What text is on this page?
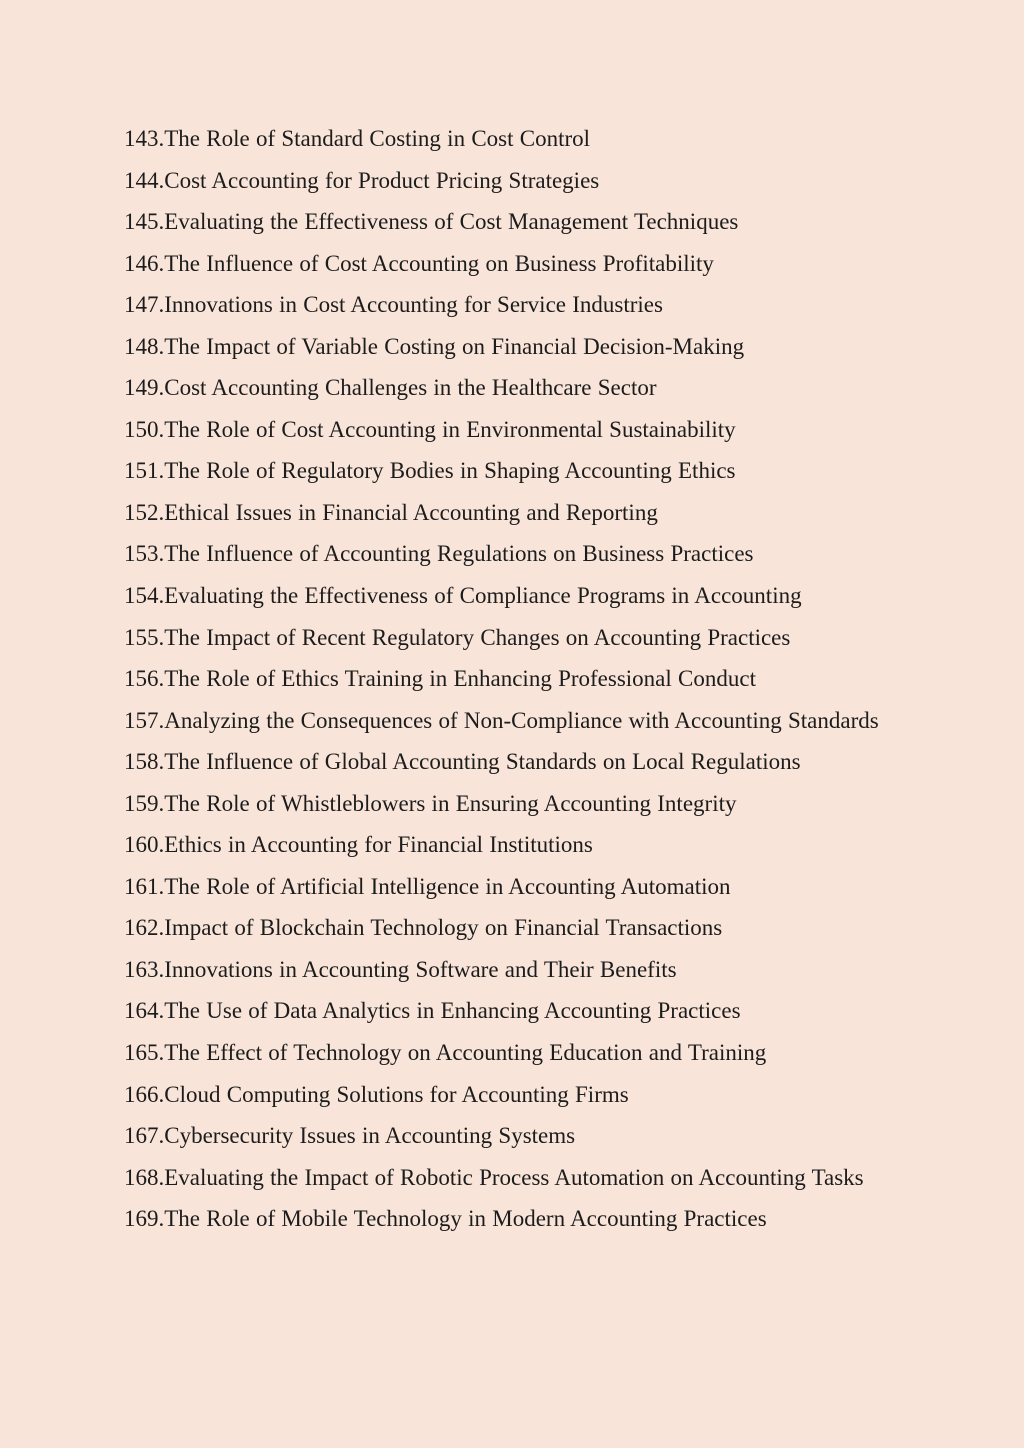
143.The Role of Standard Costing in Cost Control
144.Cost Accounting for Product Pricing Strategies
145.Evaluating the Effectiveness of Cost Management Techniques
146.The Influence of Cost Accounting on Business Profitability
147.Innovations in Cost Accounting for Service Industries
148.The Impact of Variable Costing on Financial Decision-Making
149.Cost Accounting Challenges in the Healthcare Sector
150.The Role of Cost Accounting in Environmental Sustainability
151.The Role of Regulatory Bodies in Shaping Accounting Ethics
152.Ethical Issues in Financial Accounting and Reporting
153.The Influence of Accounting Regulations on Business Practices
154.Evaluating the Effectiveness of Compliance Programs in Accounting
155.The Impact of Recent Regulatory Changes on Accounting Practices
156.The Role of Ethics Training in Enhancing Professional Conduct
157.Analyzing the Consequences of Non-Compliance with Accounting Standards
158.The Influence of Global Accounting Standards on Local Regulations
159.The Role of Whistleblowers in Ensuring Accounting Integrity
160.Ethics in Accounting for Financial Institutions
161.The Role of Artificial Intelligence in Accounting Automation
162.Impact of Blockchain Technology on Financial Transactions
163.Innovations in Accounting Software and Their Benefits
164.The Use of Data Analytics in Enhancing Accounting Practices
165.The Effect of Technology on Accounting Education and Training
166.Cloud Computing Solutions for Accounting Firms
167.Cybersecurity Issues in Accounting Systems
168.Evaluating the Impact of Robotic Process Automation on Accounting Tasks
169.The Role of Mobile Technology in Modern Accounting Practices
